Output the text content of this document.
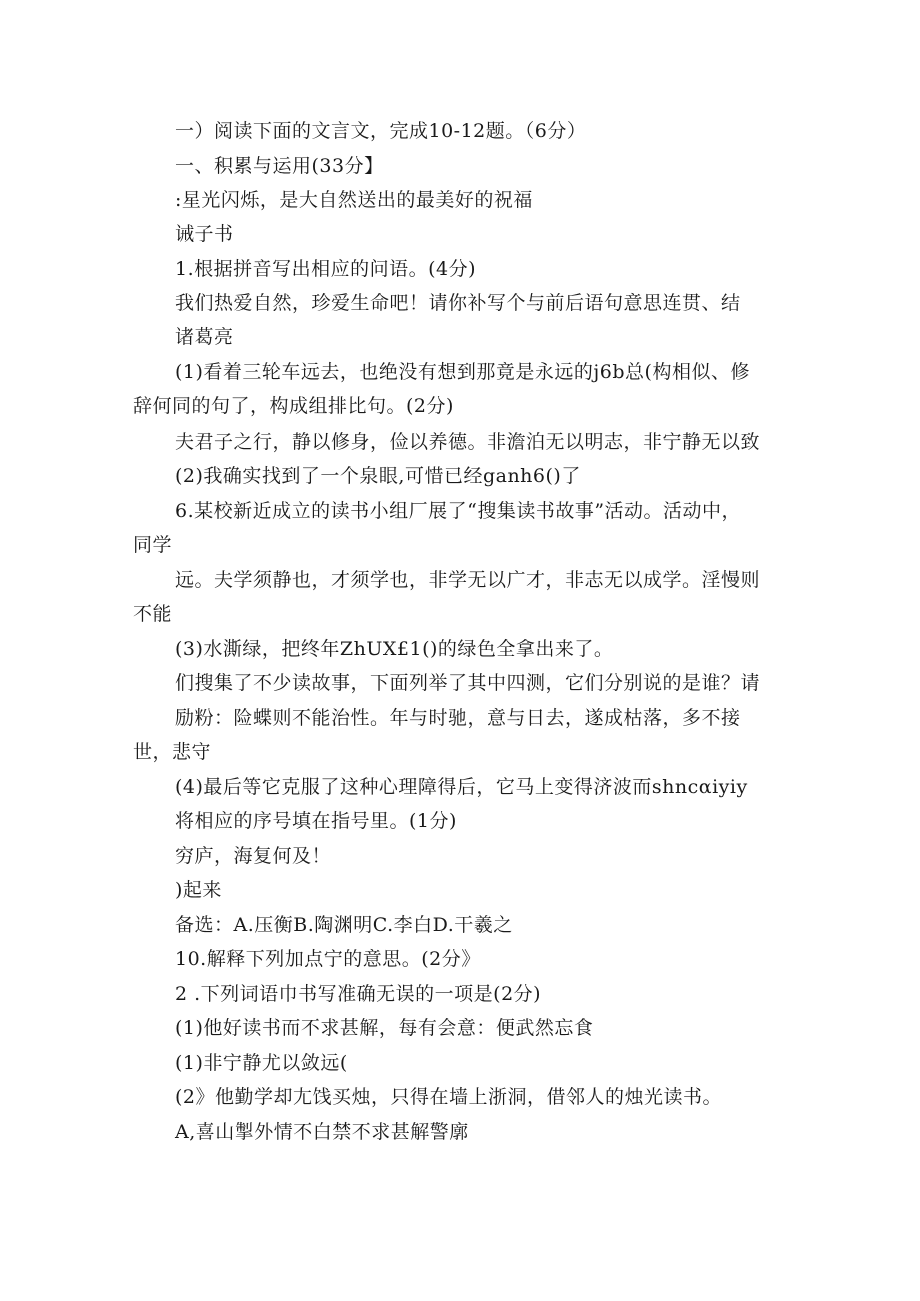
一）阅读下面的文言文，完成10-12题。（6分）
一、积累与运用(33分】
:星光闪烁，是大自然送出的最美好的祝福
诫子书
1.根据拼音写出相应的问语。(4分)
我们热爱自然，珍爱生命吧！请你补写个与前后语句意思连贯、结
诸葛亮
(1)看着三轮车远去，也绝没有想到那竟是永远的j6b总(构相似、修
辞何同的句了，构成组排比句。(2分)
夫君子之行，静以修身，俭以养德。非澹泊无以明志，非宁静无以致
(2)我确实找到了一个泉眼,可惜已经ganh6()了
6.某校新近成立的读书小组厂展了“搜集读书故事”活动。活动中，
同学
远。夫学须静也，才须学也，非学无以广才，非志无以成学。淫慢则
不能
(3)水澌绿，把终年ZhUX£1()的绿色全拿出来了。
们搜集了不少读故事，下面列举了其中四测，它们分别说的是谁？请
励粉：险蝶则不能治性。年与时驰，意与日去，遂成枯落，多不接
世，悲守
(4)最后等它克服了这种心理障得后，它马上变得济波而shncαiyiy
将相应的序号填在指号里。(1分)
穷庐，海复何及！
)起来
备选：A.压衡B.陶渊明C.李白D.干羲之
10.解释下列加点宁的意思。(2分》
2 .下列词语巾书写准确无误的一项是(2分)
(1)他好读书而不求甚解，每有会意：便武然忘食
(1)非宁静尤以敛远(
(2》他勤学却尢饯买烛，只得在墙上浙洞，借邻人的烛光读书。
A,喜山掣外情不白禁不求甚解警廓
